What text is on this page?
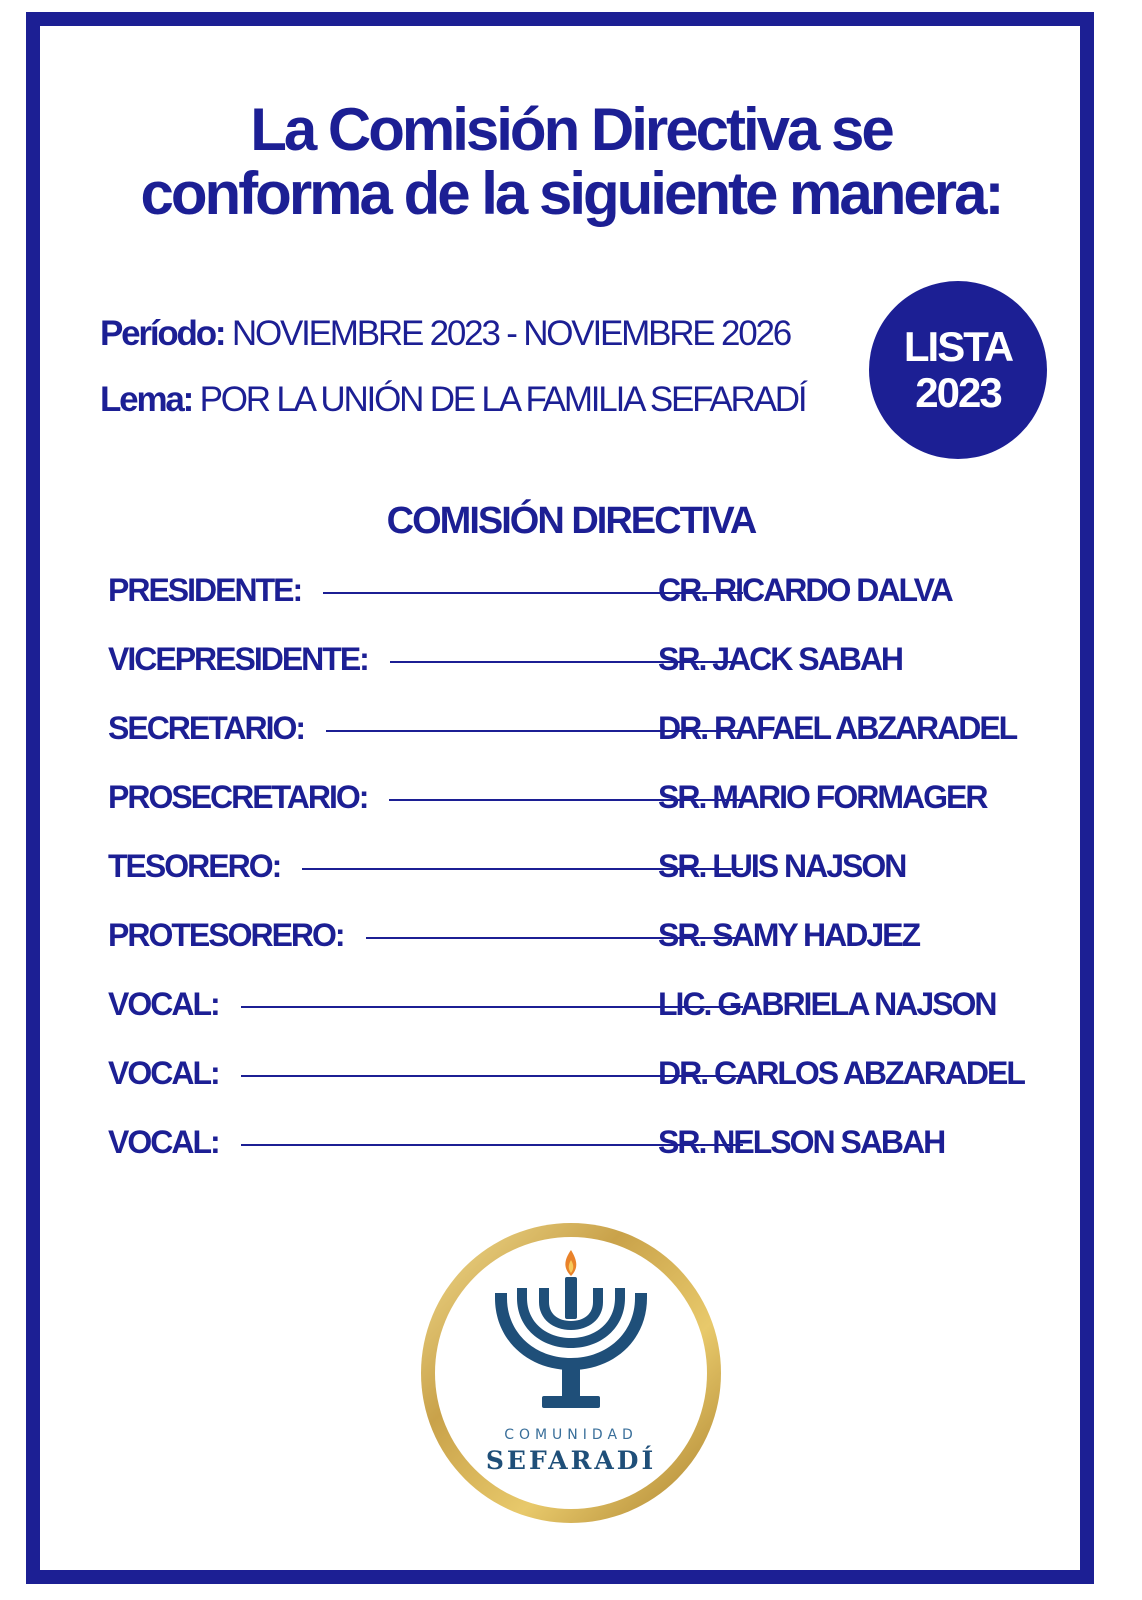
La Comisión Directiva se
conforma de la siguiente manera:
Período: NOVIEMBRE 2023 - NOVIEMBRE 2026
Lema: POR LA UNIÓN DE LA FAMILIA SEFARADÍ
LISTA
2023
COMISIÓN DIRECTIVA
PRESIDENTE:	CR. RICARDO DALVA
VICEPRESIDENTE:	SR. JACK SABAH
SECRETARIO:	DR. RAFAEL ABZARADEL
PROSECRETARIO:	SR. MARIO FORMAGER
TESORERO:	SR. LUIS NAJSON
PROTESORERO:	SR. SAMY HADJEZ
VOCAL:	LIC. GABRIELA NAJSON
VOCAL:	DR. CARLOS ABZARADEL
VOCAL:	SR. NELSON SABAH
COMUNIDAD
SEFARADÍ
